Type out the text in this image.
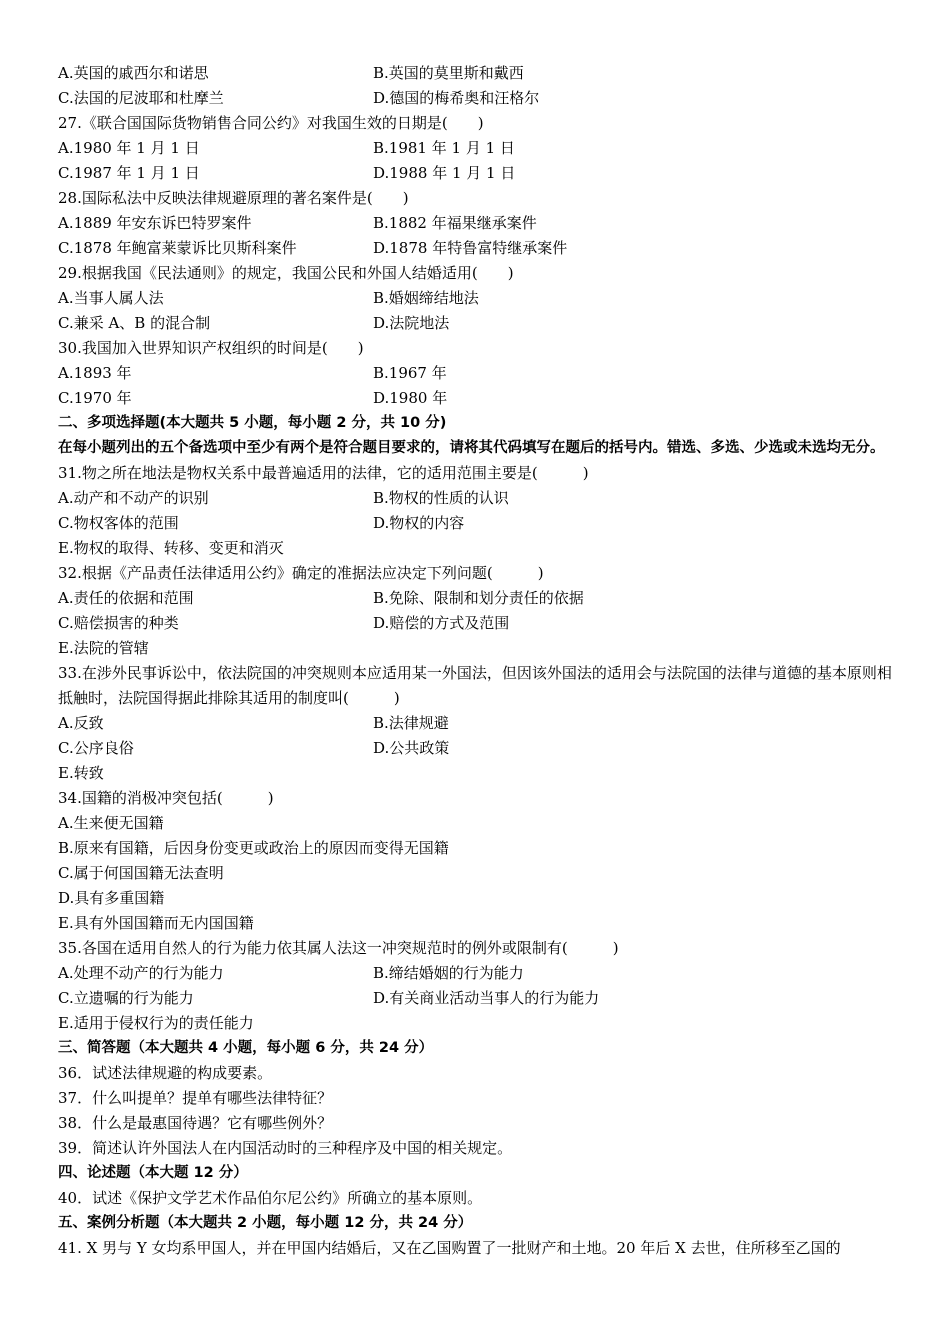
A.英国的戚西尔和诺思	B.英国的莫里斯和戴西
C.法国的尼波耶和杜摩兰	D.德国的梅希奥和汪格尔
27.《联合国国际货物销售合同公约》对我国生效的日期是(　　)
A.1980 年 1 月 1 日	B.1981 年 1 月 1 日
C.1987 年 1 月 1 日	D.1988 年 1 月 1 日
28.国际私法中反映法律规避原理的著名案件是(　　)
A.1889 年安东诉巴特罗案件	B.1882 年福果继承案件
C.1878 年鲍富莱蒙诉比贝斯科案件	D.1878 年特鲁富特继承案件
29.根据我国《民法通则》的规定，我国公民和外国人结婚适用(　　)
A.当事人属人法	B.婚姻缔结地法
C.兼采 A、B 的混合制	D.法院地法
30.我国加入世界知识产权组织的时间是(　　)
A.1893 年	B.1967 年
C.1970 年	D.1980 年
二、多项选择题(本大题共 5 小题，每小题 2 分，共 10 分)
在每小题列出的五个备选项中至少有两个是符合题目要求的，请将其代码填写在题后的括号内。错选、多选、少选或未选均无分。
31.物之所在地法是物权关系中最普遍适用的法律，它的适用范围主要是(　　　)
A.动产和不动产的识别	B.物权的性质的认识
C.物权客体的范围	D.物权的内容
E.物权的取得、转移、变更和消灭
32.根据《产品责任法律适用公约》确定的准据法应决定下列问题(　　　)
A.责任的依据和范围	B.免除、限制和划分责任的依据
C.赔偿损害的种类	D.赔偿的方式及范围
E.法院的管辖
33.在涉外民事诉讼中，依法院国的冲突规则本应适用某一外国法，但因该外国法的适用会与法院国的法律与道德的基本原则相抵触时，法院国得据此排除其适用的制度叫(　　　)
A.反致	B.法律规避
C.公序良俗	D.公共政策
E.转致
34.国籍的消极冲突包括(　　　)
A.生来便无国籍
B.原来有国籍，后因身份变更或政治上的原因而变得无国籍
C.属于何国国籍无法查明
D.具有多重国籍
E.具有外国国籍而无内国国籍
35.各国在适用自然人的行为能力依其属人法这一冲突规范时的例外或限制有(　　　)
A.处理不动产的行为能力	B.缔结婚姻的行为能力
C.立遗嘱的行为能力	D.有关商业活动当事人的行为能力
E.适用于侵权行为的责任能力
三、简答题（本大题共 4 小题，每小题 6 分，共 24 分）
36．试述法律规避的构成要素。
37．什么叫提单？提单有哪些法律特征？
38．什么是最惠国待遇？它有哪些例外？
39．简述认许外国法人在内国活动时的三种程序及中国的相关规定。
四、论述题（本大题 12 分）
40．试述《保护文学艺术作品伯尔尼公约》所确立的基本原则。
五、案例分析题（本大题共 2 小题，每小题 12 分，共 24 分）
41. X 男与 Y 女均系甲国人，并在甲国内结婚后，又在乙国购置了一批财产和土地。20 年后 X 去世，住所移至乙国的
